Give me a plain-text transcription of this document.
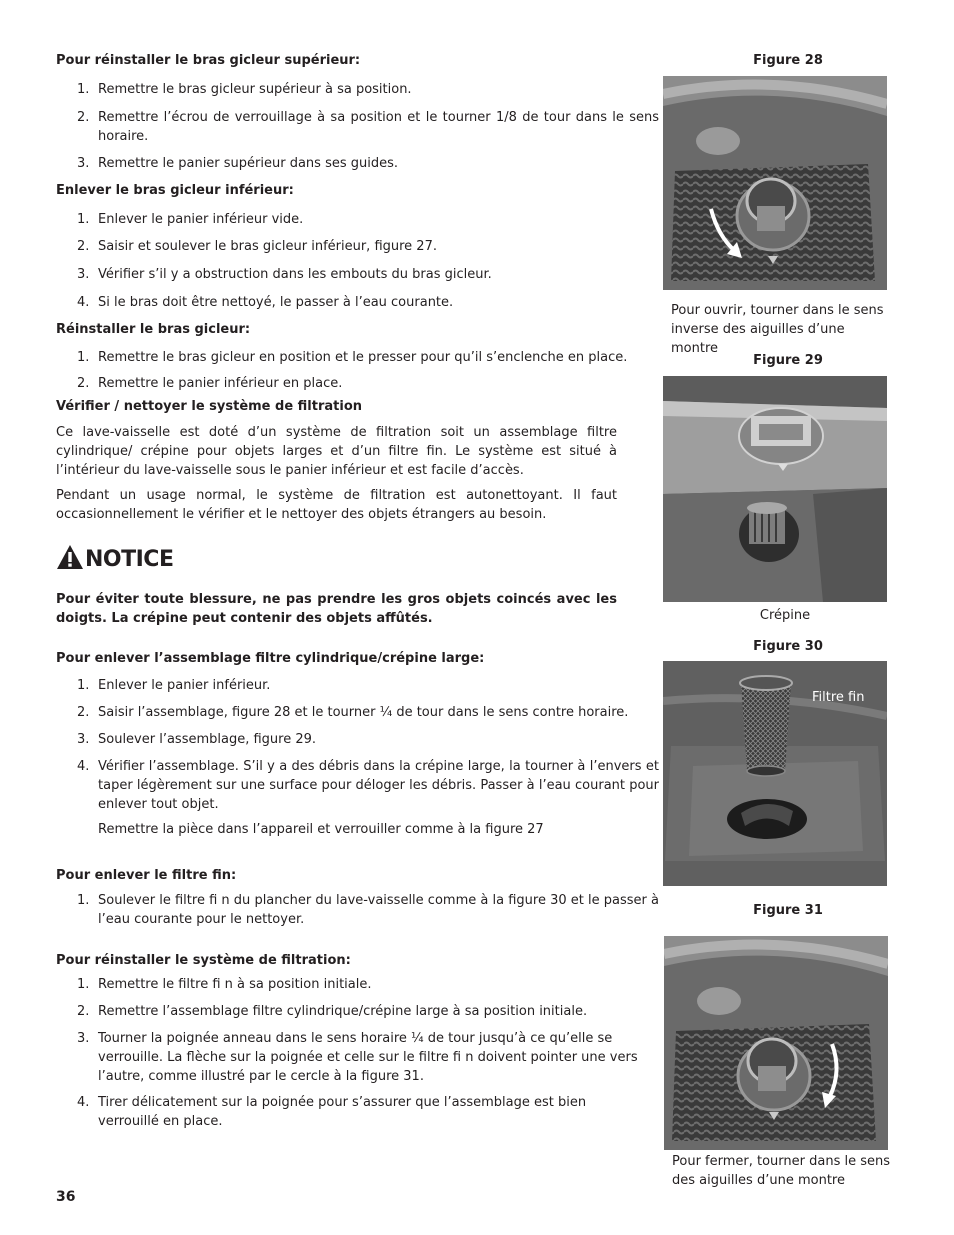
Pour réinstaller le bras gicleur supérieur:
1. Remettre le bras gicleur supérieur à sa position.
2. Remettre l’écrou de verrouillage à sa position et le tourner 1/8 de tour dans le sens horaire.
3. Remettre le panier supérieur dans ses guides.
Enlever le bras gicleur inférieur:
1. Enlever le panier inférieur vide.
2. Saisir et soulever le bras gicleur inférieur, figure 27.
3. Vérifier s’il y a obstruction dans les embouts du bras gicleur.
4. Si le bras doit être nettoyé, le passer à l’eau courante.
Réinstaller le bras gicleur:
1. Remettre le bras gicleur en position et le presser pour qu’il s’enclenche en place.
2. Remettre le panier inférieur en place.
Vérifier / nettoyer le système de filtration
Ce lave-vaisselle est doté d’un système de filtration soit un assemblage filtre cylindrique/ crépine pour objets larges et d’un filtre fin. Le système est situé à l’intérieur du lave-vaisselle sous le panier inférieur et est facile d’accès.
Pendant un usage normal, le système de filtration est autonettoyant. Il faut occasionnellement le vérifier et le nettoyer des objets étrangers au besoin.
NOTICE
Pour éviter toute blessure, ne pas prendre les gros objets coincés avec les doigts. La crépine peut contenir des objets affûtés.
Pour enlever l’assemblage filtre cylindrique/crépine large:
1. Enlever le panier inférieur.
2. Saisir l’assemblage, figure 28 et le tourner ¼ de tour dans le sens contre horaire.
3. Soulever l’assemblage, figure 29.
4. Vérifier l’assemblage. S’il y a des débris dans la crépine large, la tourner à l’envers et taper légèrement sur une surface pour déloger les débris. Passer à l’eau courant pour enlever tout objet.
Remettre la pièce dans l’appareil et verrouiller comme à la figure 27
Pour enlever le filtre fin:
1. Soulever le filtre fi n du plancher du lave-vaisselle comme à la figure 30 et le passer à l’eau courante pour le nettoyer.
Pour réinstaller le système de filtration:
1. Remettre le filtre fi n à sa position initiale.
2. Remettre l’assemblage filtre cylindrique/crépine large à sa position initiale.
3. Tourner la poignée anneau dans le sens horaire ¼ de tour jusqu’à ce qu’elle se verrouille. La flèche sur la poignée et celle sur le filtre fi n doivent pointer une vers l’autre, comme illustré par le cercle à la figure 31.
4. Tirer délicatement sur la poignée pour s’assurer que l’assemblage est bien verrouillé en place.
36
Figure 28
Pour ouvrir, tourner dans le sens inverse des aiguilles d’une montre
Figure 29
Crépine
Figure 30
Filtre fin
Figure 31
Pour fermer, tourner dans le sens des aiguilles d’une montre
